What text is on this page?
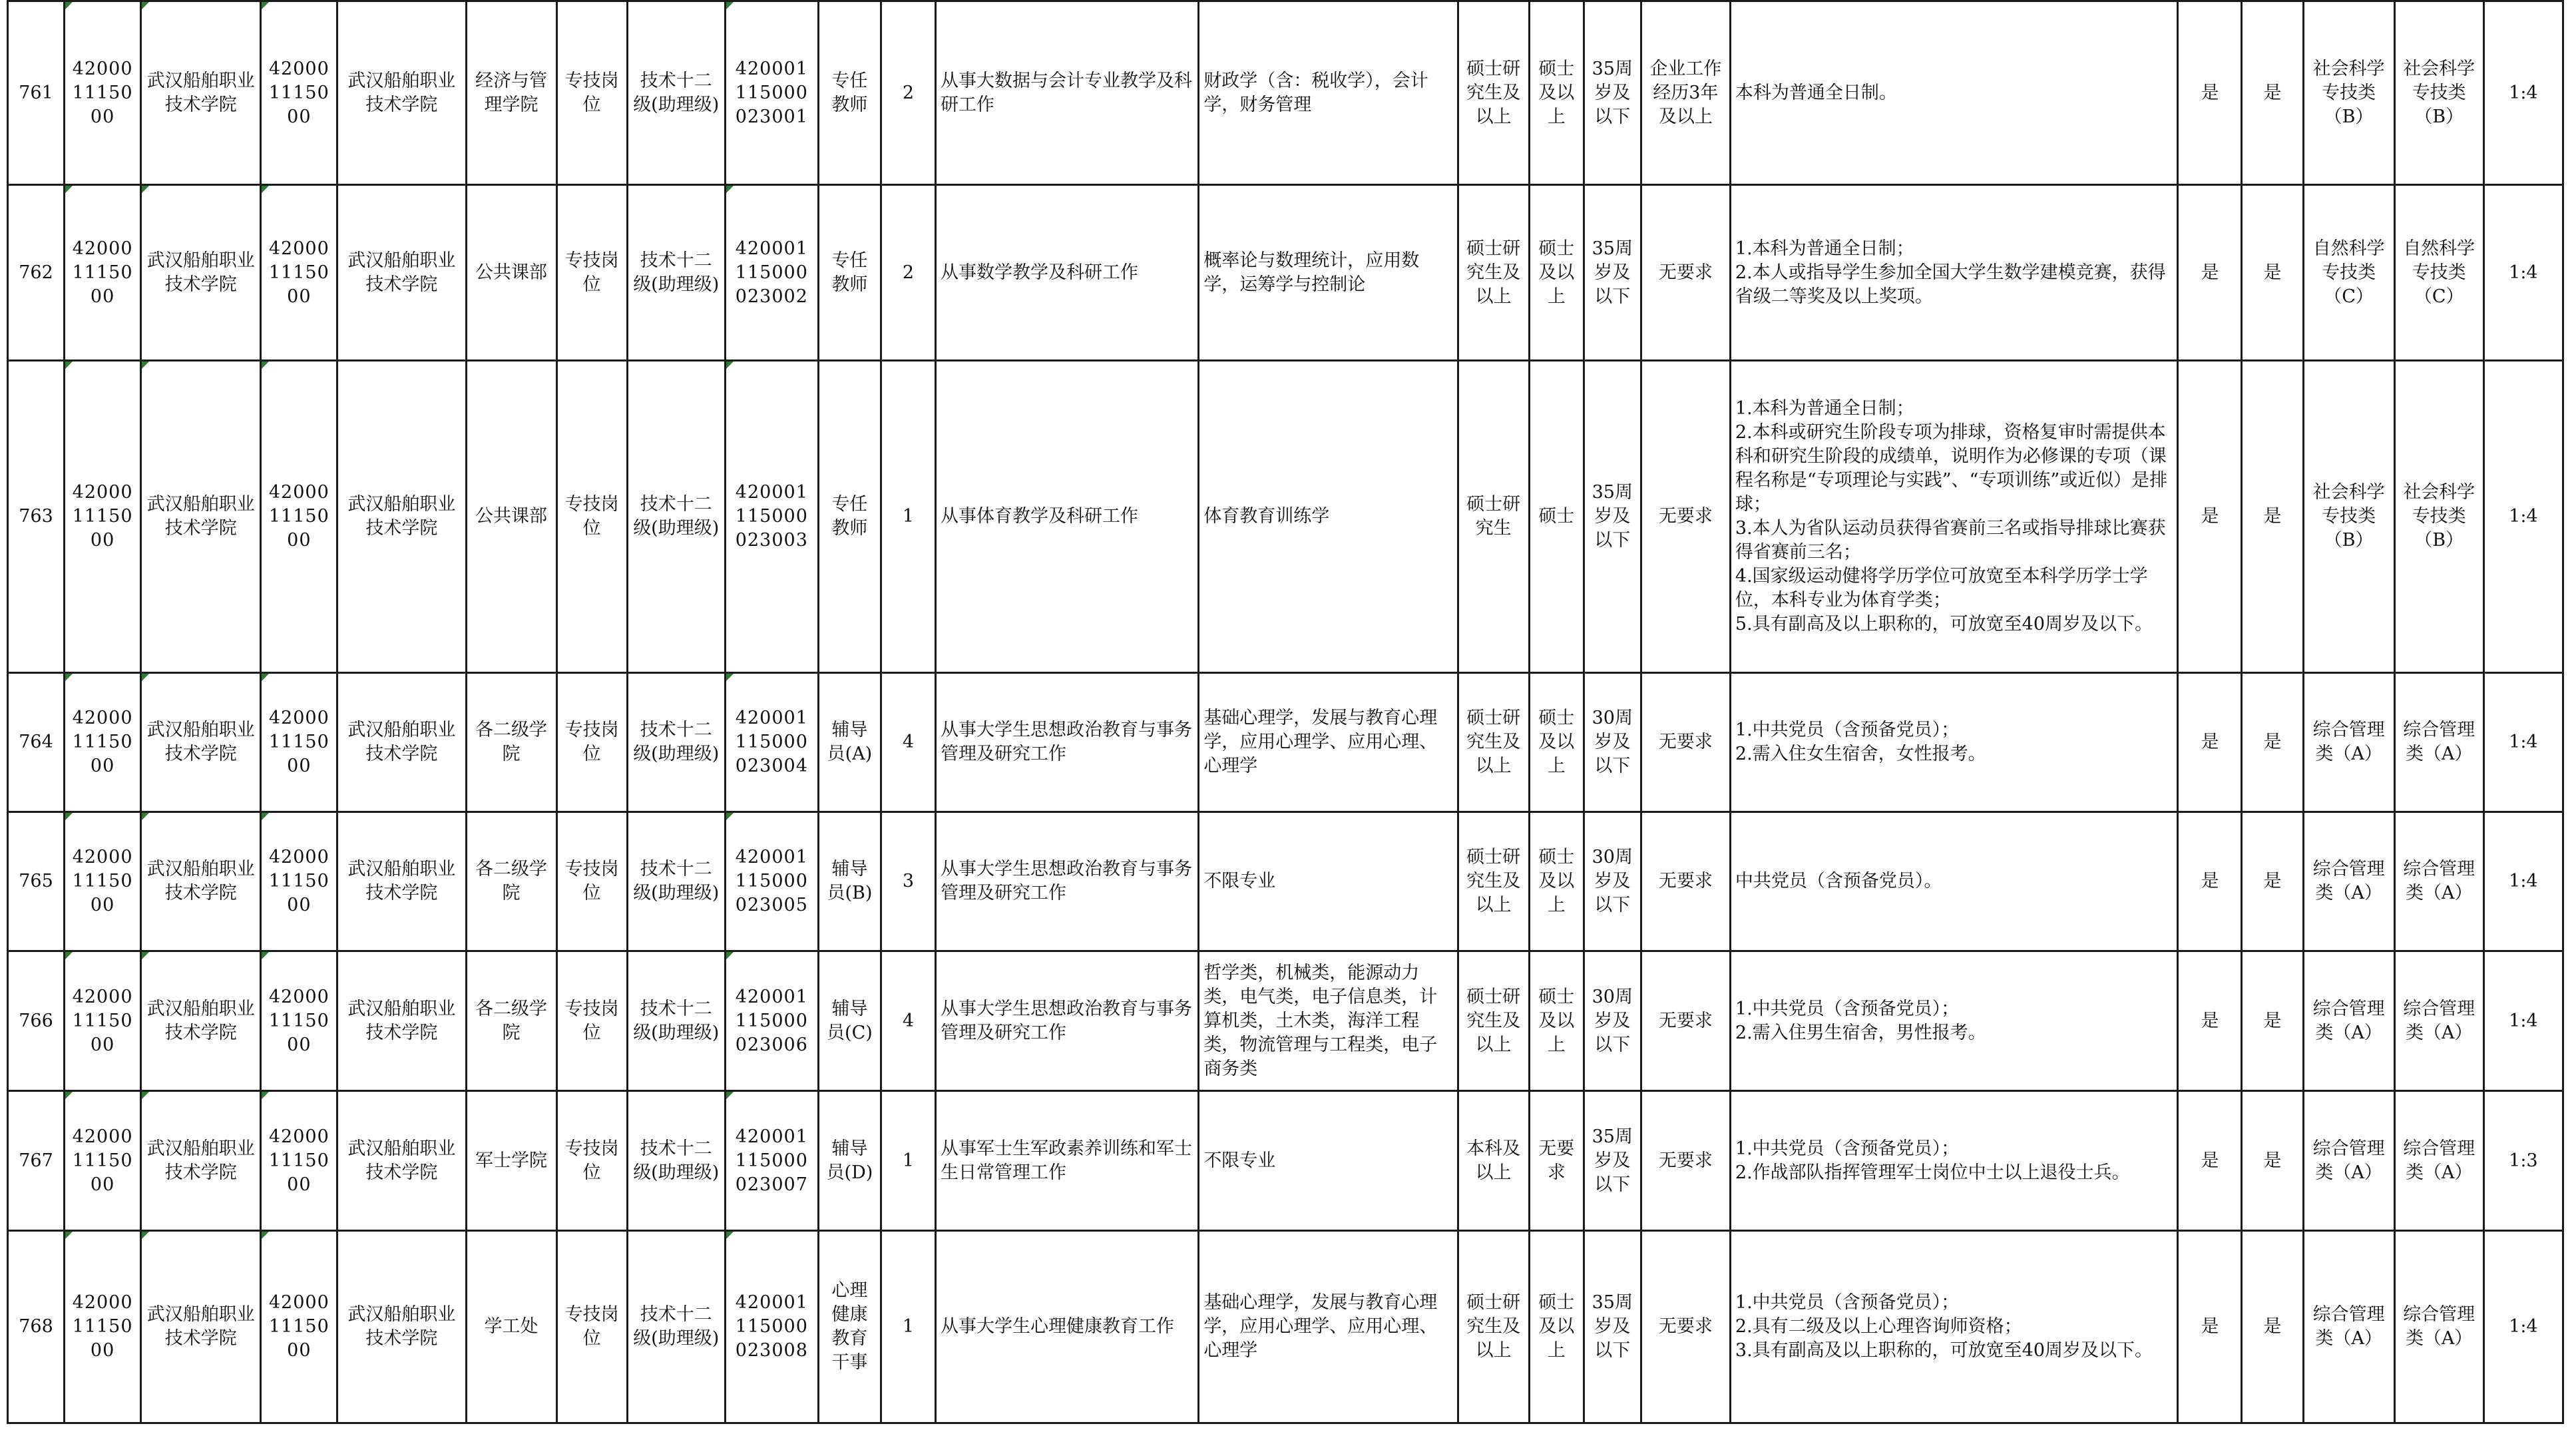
761	420001115000	武汉船舶职业技术学院	420001115000	武汉船舶职业技术学院	经济与管理学院	专技岗位	技术十二级(助理级)	420001115000023001	专任教师	2	从事大数据与会计专业教学及科研工作	财政学（含：税收学），会计学，财务管理	硕士研究生及以上	硕士及以上	35周岁及以下	企业工作经历3年及以上	本科为普通全日制。	是	是	社会科学专技类（B）	社会科学专技类（B）	1:4
762	420001115000	武汉船舶职业技术学院	420001115000	武汉船舶职业技术学院	公共课部	专技岗位	技术十二级(助理级)	420001115000023002	专任教师	2	从事数学教学及科研工作	概率论与数理统计，应用数学，运筹学与控制论	硕士研究生及以上	硕士及以上	35周岁及以下	无要求	1.本科为普通全日制；
2.本人或指导学生参加全国大学生数学建模竞赛，获得省级二等奖及以上奖项。	是	是	自然科学专技类（C）	自然科学专技类（C）	1:4
763	420001115000	武汉船舶职业技术学院	420001115000	武汉船舶职业技术学院	公共课部	专技岗位	技术十二级(助理级)	420001115000023003	专任教师	1	从事体育教学及科研工作	体育教育训练学	硕士研究生	硕士	35周岁及以下	无要求	1.本科为普通全日制；
2.本科或研究生阶段专项为排球，资格复审时需提供本科和研究生阶段的成绩单，说明作为必修课的专项（课程名称是“专项理论与实践”、“专项训练”或近似）是排球；
3.本人为省队运动员获得省赛前三名或指导排球比赛获得省赛前三名；
4.国家级运动健将学历学位可放宽至本科学历学士学位，本科专业为体育学类；
5.具有副高及以上职称的，可放宽至40周岁及以下。	是	是	社会科学专技类（B）	社会科学专技类（B）	1:4
764	420001115000	武汉船舶职业技术学院	420001115000	武汉船舶职业技术学院	各二级学院	专技岗位	技术十二级(助理级)	420001115000023004	辅导员(A)	4	从事大学生思想政治教育与事务管理及研究工作	基础心理学，发展与教育心理学，应用心理学、应用心理、心理学	硕士研究生及以上	硕士及以上	30周岁及以下	无要求	1.中共党员（含预备党员）；
2.需入住女生宿舍，女性报考。	是	是	综合管理类（A）	综合管理类（A）	1:4
765	420001115000	武汉船舶职业技术学院	420001115000	武汉船舶职业技术学院	各二级学院	专技岗位	技术十二级(助理级)	420001115000023005	辅导员(B)	3	从事大学生思想政治教育与事务管理及研究工作	不限专业	硕士研究生及以上	硕士及以上	30周岁及以下	无要求	中共党员（含预备党员）。	是	是	综合管理类（A）	综合管理类（A）	1:4
766	420001115000	武汉船舶职业技术学院	420001115000	武汉船舶职业技术学院	各二级学院	专技岗位	技术十二级(助理级)	420001115000023006	辅导员(C)	4	从事大学生思想政治教育与事务管理及研究工作	哲学类，机械类，能源动力类，电气类，电子信息类，计算机类，土木类，海洋工程类，物流管理与工程类，电子商务类	硕士研究生及以上	硕士及以上	30周岁及以下	无要求	1.中共党员（含预备党员）；
2.需入住男生宿舍，男性报考。	是	是	综合管理类（A）	综合管理类（A）	1:4
767	420001115000	武汉船舶职业技术学院	420001115000	武汉船舶职业技术学院	军士学院	专技岗位	技术十二级(助理级)	420001115000023007	辅导员(D)	1	从事军士生军政素养训练和军士生日常管理工作	不限专业	本科及以上	无要求	35周岁及以下	无要求	1.中共党员（含预备党员）；
2.作战部队指挥管理军士岗位中士以上退役士兵。	是	是	综合管理类（A）	综合管理类（A）	1:3
768	420001115000	武汉船舶职业技术学院	420001115000	武汉船舶职业技术学院	学工处	专技岗位	技术十二级(助理级)	420001115000023008	心理健康教育干事	1	从事大学生心理健康教育工作	基础心理学，发展与教育心理学，应用心理学、应用心理、心理学	硕士研究生及以上	硕士及以上	35周岁及以下	无要求	1.中共党员（含预备党员）；
2.具有二级及以上心理咨询师资格；
3.具有副高及以上职称的，可放宽至40周岁及以下。	是	是	综合管理类（A）	综合管理类（A）	1:4
